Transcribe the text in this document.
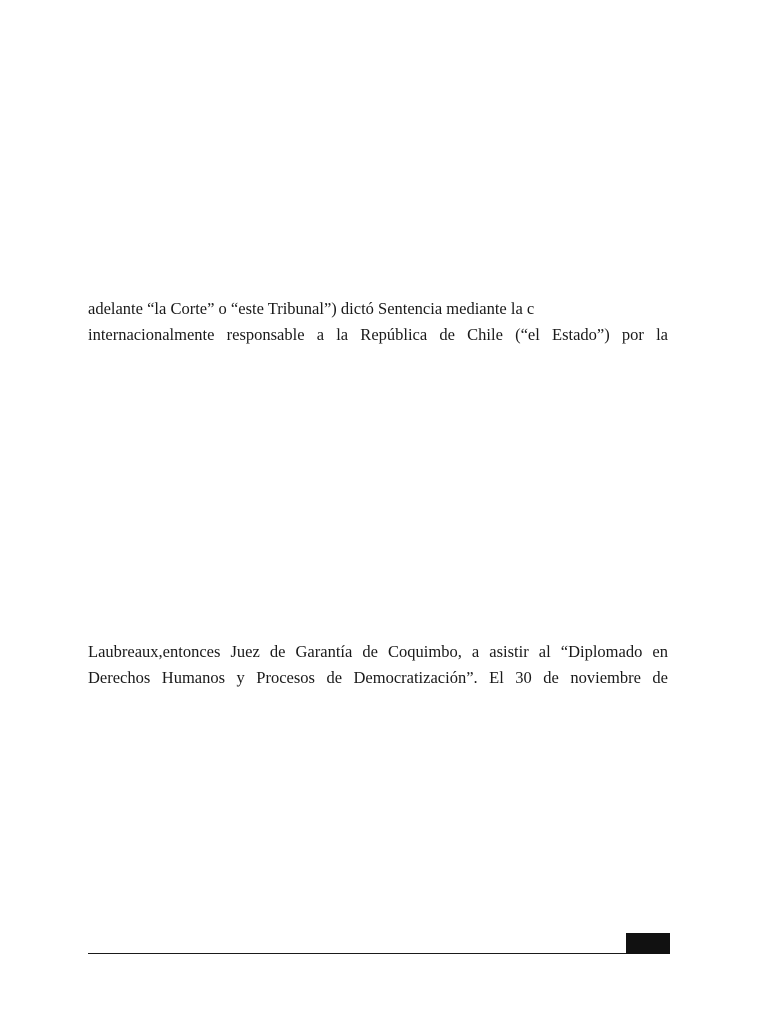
adelante “la Corte” o “este Tribunal”) dictó Sentencia mediante la c
internacionalmente responsable a la República de Chile (“el Estado”) por la
Laubreaux,entonces Juez de Garantía de Coquimbo, a asistir al “Diplomado en
Derechos Humanos y Procesos de Democratización”. El 30 de noviembre de
